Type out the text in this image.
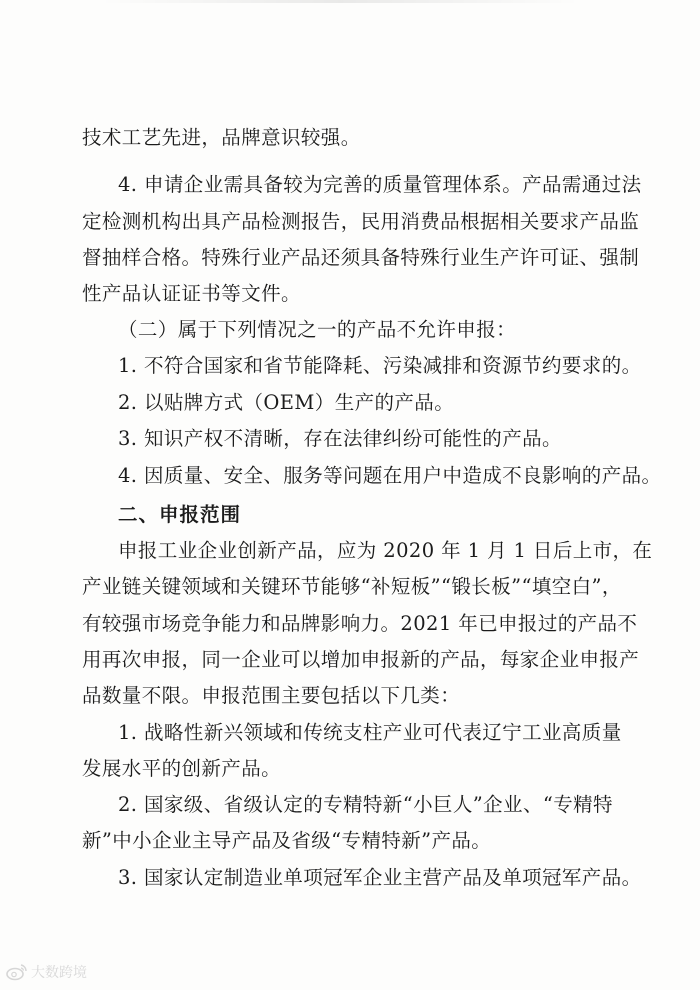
技术工艺先进，品牌意识较强。
4. 申请企业需具备较为完善的质量管理体系。产品需通过法
定检测机构出具产品检测报告，民用消费品根据相关要求产品监
督抽样合格。特殊行业产品还须具备特殊行业生产许可证、强制
性产品认证证书等文件。
（二）属于下列情况之一的产品不允许申报：
1. 不符合国家和省节能降耗、污染减排和资源节约要求的。
2. 以贴牌方式（OEM）生产的产品。
3. 知识产权不清晰，存在法律纠纷可能性的产品。
4. 因质量、安全、服务等问题在用户中造成不良影响的产品。
二、申报范围
申报工业企业创新产品，应为 2020 年 1 月 1 日后上市，在
产业链关键领域和关键环节能够“补短板”“锻长板”“填空白”，
有较强市场竞争能力和品牌影响力。2021 年已申报过的产品不
用再次申报，同一企业可以增加申报新的产品，每家企业申报产
品数量不限。申报范围主要包括以下几类：
1. 战略性新兴领域和传统支柱产业可代表辽宁工业高质量
发展水平的创新产品。
2. 国家级、省级认定的专精特新“小巨人”企业、“专精特
新”中小企业主导产品及省级“专精特新”产品。
3. 国家认定制造业单项冠军企业主营产品及单项冠军产品。
大数跨境
